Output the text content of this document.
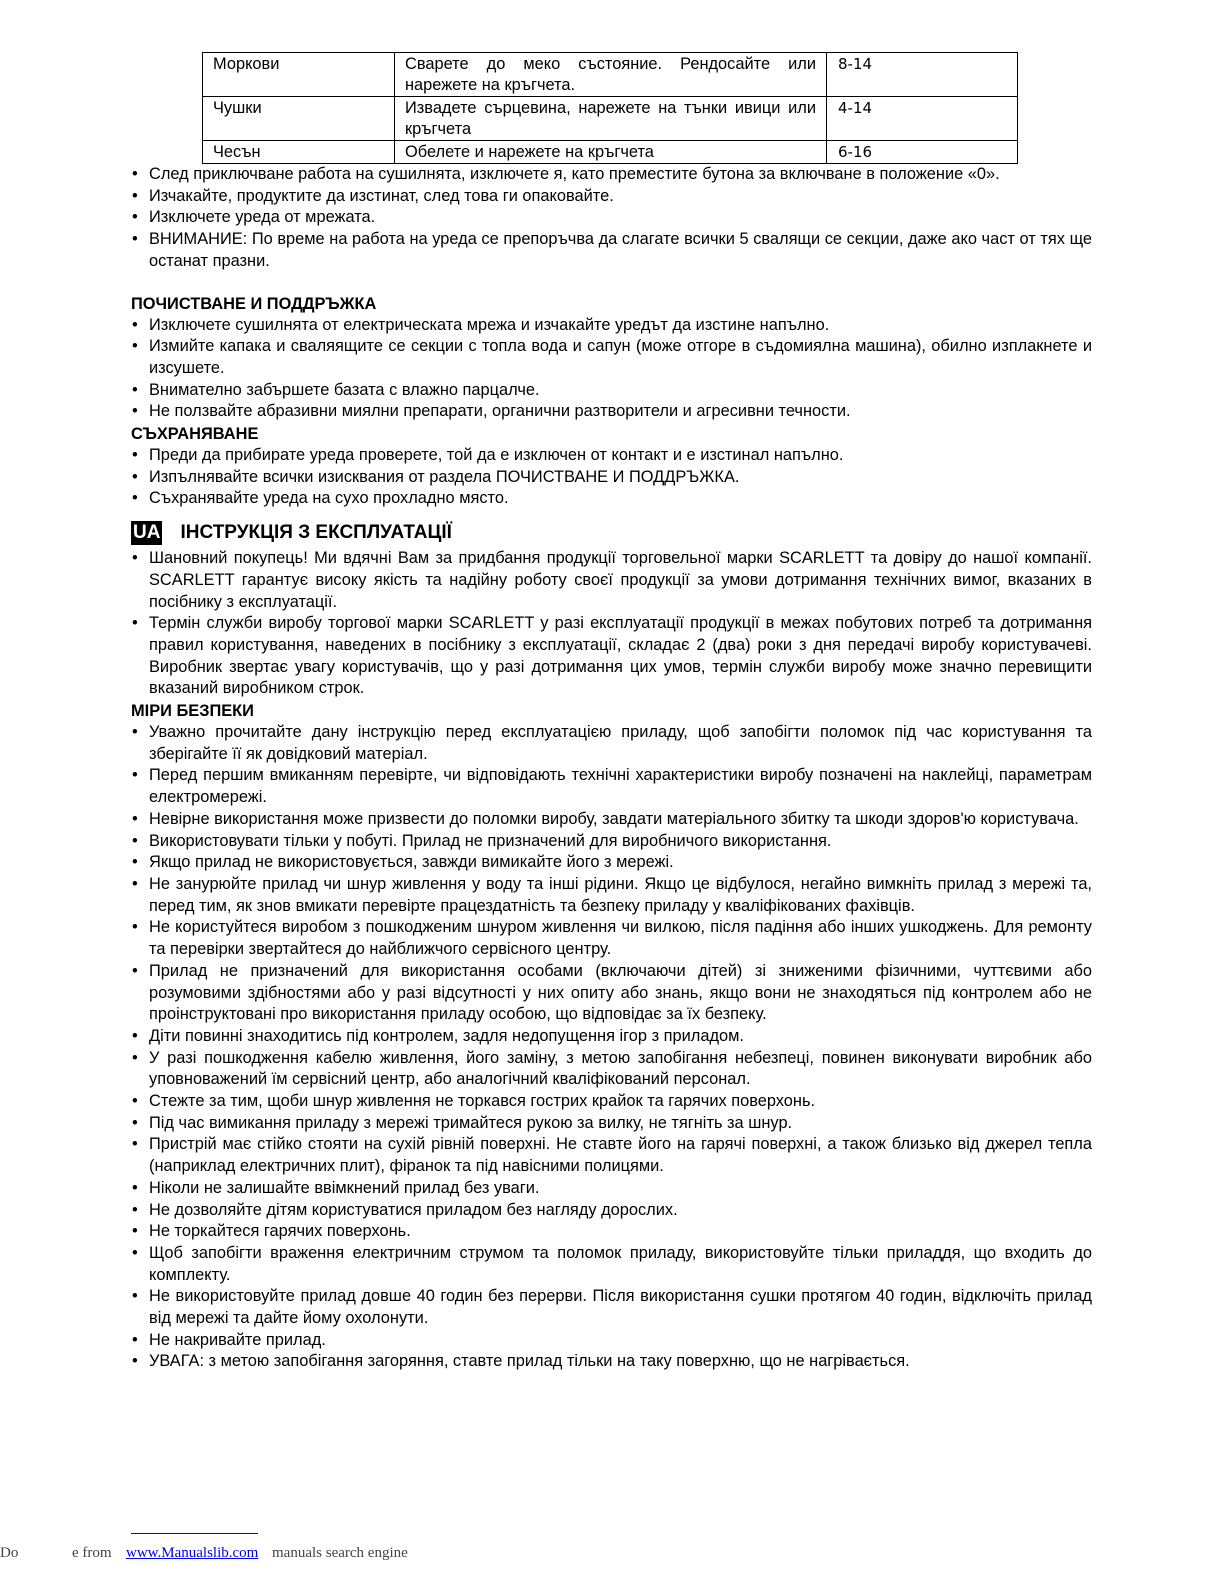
Моркови	Сварете до меко състояние. Рендосайте или нарежете на кръгчета.	8-14
Чушки	Извадете сърцевина, нарежете на тънки ивици или кръгчета	4-14
Чесън	Обелете и нарежете на кръгчета	6-16
• След приключване работа на сушилнята, изключете я, като преместите бутона за включване в положение «0».
• Изчакайте, продуктите да изстинат, след това ги опаковайте.
• Изключете уреда от мрежата.
• ВНИМАНИЕ: По време на работа на уреда се препоръчва да слагате всички 5 свалящи се секции, даже ако част от тях ще останат празни.
ПОЧИСТВАНЕ И ПОДДРЪЖКА
• Изключете сушилнята от електрическата мрежа и изчакайте уредът да изстине напълно.
• Измийте капака и сваляящите се секции с топла вода и сапун (може отгоре в съдомиялна машина), обилно изплакнете и изсушете.
• Внимателно забършете базата с влажно парцалче.
• Не ползвайте абразивни миялни препарати, органични разтворители и агресивни течности.
СЪХРАНЯВАНЕ
• Преди да прибирате уреда проверете, той да е изключен от контакт и е изстинал напълно.
• Изпълнявайте всички изисквания от раздела ПОЧИСТВАНЕ И ПОДДРЪЖКА.
• Съхранявайте уреда на сухо прохладно място.
UA ІНСТРУКЦІЯ З ЕКСПЛУАТАЦІЇ
• Шановний покупець! Ми вдячні Вам за придбання продукції торговельної марки SCARLETT та довіру до нашої компанії. SCARLETT гарантує високу якість та надійну роботу своєї продукції за умови дотримання технічних вимог, вказаних в посібнику з експлуатації.
• Термін служби виробу торгової марки SCARLETT у разі експлуатації продукції в межах побутових потреб та дотримання правил користування, наведених в посібнику з експлуатації, складає 2 (два) роки з дня передачі виробу користувачеві. Виробник звертає увагу користувачів, що у разі дотримання цих умов, термін служби виробу може значно перевищити вказаний виробником строк.
МІРИ БЕЗПЕКИ
• Уважно прочитайте дану інструкцію перед експлуатацією приладу, щоб запобігти поломок під час користування та зберігайте її як довідковий матеріал.
• Перед першим вмиканням перевірте, чи відповідають технічні характеристики виробу позначені на наклейці, параметрам електромережі.
• Невірне використання може призвести до поломки виробу, завдати матеріального збитку та шкоди здоров'ю користувача.
• Використовувати тільки у побуті. Прилад не призначений для виробничого використання.
• Якщо прилад не використовується, завжди вимикайте його з мережі.
• Не занурюйте прилад чи шнур живлення у воду та інші рідини. Якщо це відбулося, негайно вимкніть прилад з мережі та, перед тим, як знов вмикати перевірте працездатність та безпеку приладу у кваліфікованих фахівців.
• Не користуйтеся виробом з пошкодженим шнуром живлення чи вилкою, після падіння або інших ушкоджень. Для ремонту та перевірки звертайтеся до найближчого сервісного центру.
• Прилад не призначений для використання особами (включаючи дітей) зі зниженими фізичними, чуттєвими або розумовими здібностями або у разі відсутності у них опиту або знань, якщо вони не знаходяться під контролем або не проінструктовані про використання приладу особою, що відповідає за їх безпеку.
• Діти повинні знаходитись під контролем, задля недопущення ігор з приладом.
• У разі пошкодження кабелю живлення, його заміну, з метою запобігання небезпеці, повинен виконувати виробник або уповноважений їм сервісний центр, або аналогічний кваліфікований персонал.
• Стежте за тим, щоби шнур живлення не торкався гострих крайок та гарячих поверхонь.
• Під час вимикання приладу з мережі тримайтеся рукою за вилку, не тягніть за шнур.
• Пристрій має стійко стояти на сухій рівній поверхні. Не ставте його на гарячі поверхні, а також близько від джерел тепла (наприклад електричних плит), фіранок та під навісними полицями.
• Ніколи не залишайте ввімкнений прилад без уваги.
• Не дозволяйте дітям користуватися приладом без нагляду дорослих.
• Не торкайтеся гарячих поверхонь.
• Щоб запобігти враження електричним струмом та поломок приладу, використовуйте тільки приладдя, що входить до комплекту.
• Не використовуйте прилад довше 40 годин без перерви. Після використання сушки протягом 40 годин, відключіть прилад від мережі та дайте йому охолонути.
• Не накривайте прилад.
• УВАГА: з метою запобігання загоряння, ставте прилад тільки на таку поверхню, що не нагрівається.
Do	e from www.Manualslib.com manuals search engine
